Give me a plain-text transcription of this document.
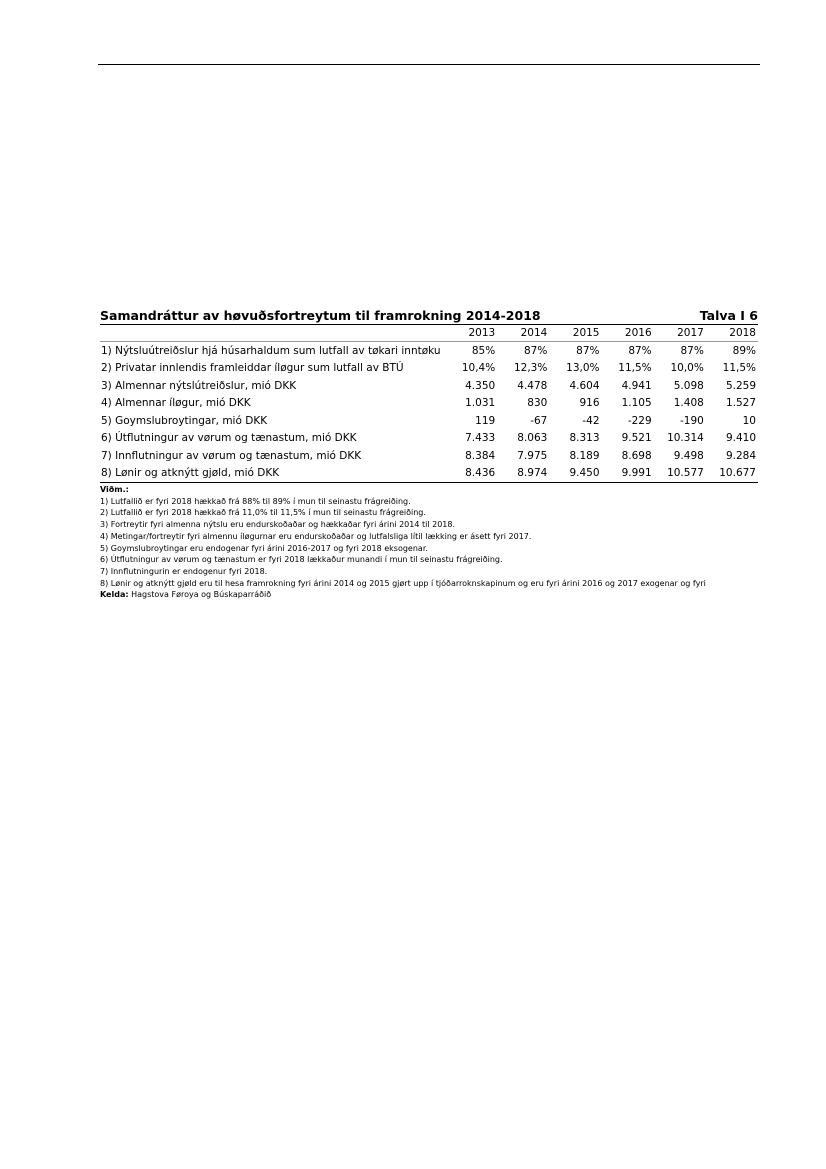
Samandráttur av høvuðsfortreytum til framrokning 2014-2018	Talva I 6
	2013	2014	2015	2016	2017	2018
1) Nýtsluútreiðslur hjá húsarhaldum sum lutfall av tøkari inntøku	85%	87%	87%	87%	87%	89%
2) Privatar innlendis framleiddar íløgur sum lutfall av BTÚ	10,4%	12,3%	13,0%	11,5%	10,0%	11,5%
3) Almennar nýtslútreiðslur, mió DKK	4.350	4.478	4.604	4.941	5.098	5.259
4) Almennar íløgur, mió DKK	1.031	830	916	1.105	1.408	1.527
5) Goymslubroytingar, mió DKK	119	-67	-42	-229	-190	10
6) Útflutningur av vørum og tænastum, mió DKK	7.433	8.063	8.313	9.521	10.314	9.410
7) Innflutningur av vørum og tænastum, mió DKK	8.384	7.975	8.189	8.698	9.498	9.284
8) Lønir og atknýtt gjøld, mió DKK	8.436	8.974	9.450	9.991	10.577	10.677

Viðm.:

1) Lutfallið er fyri 2018 hækkað frá 88% til 89% í mun til seinastu frágreiðing.

2) Lutfallið er fyri 2018 hækkað frá 11,0% til 11,5% í mun til seinastu frágreiðing.

3) Fortreytir fyri almenna nýtslu eru endurskoðaðar og hækkaðar fyri árini 2014 til 2018.

4) Metingar/fortreytir fyri almennu íløgurnar eru endurskoðaðar og lutfalsliga lítil lækking er ásett fyri 2017.

5) Goymslubroytingar eru endogenar fyri árini 2016-2017 og fyri 2018 eksogenar.

6) Útflutningur av vørum og tænastum er fyri 2018 lækkaður munandi í mun til seinastu frágreiðing.

7) Innflutningurin er endogenur fyri 2018.

8) Lønir og atknýtt gjøld eru til hesa framrokning fyri árini 2014 og 2015 gjørt upp í tjóðarroknskapinum og eru fyri árini 2016 og 2017 exogenar og fyri

Kelda: Hagstova Føroya og Búskaparráðið
